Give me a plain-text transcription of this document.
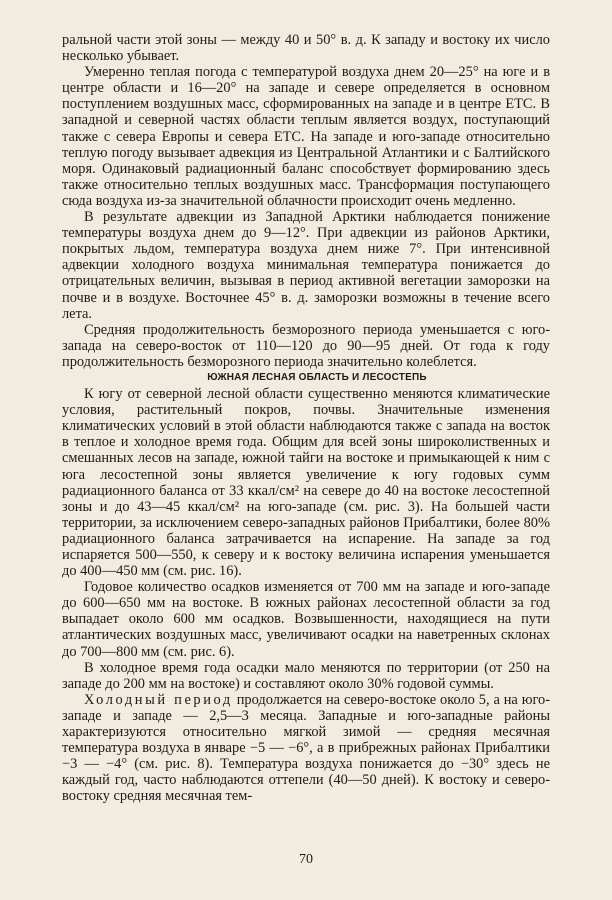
ральной части этой зоны — между 40 и 50° в. д. К западу и востоку их число несколько убывает.

Умеренно теплая погода с температурой воздуха днем 20—25° на юге и в центре области и 16—20° на западе и севере определяется в основном поступлением воздушных масс, сформированных на западе и в центре ЕТС. В западной и северной частях области теплым является воздух, поступающий также с севера Европы и севера ЕТС. На западе и юго-западе относительно теплую погоду вызывает адвекция из Центральной Атлантики и с Балтийского моря. Одинаковый радиационный баланс способствует формированию здесь также относительно теплых воздушных масс. Трансформация поступающего сюда воздуха из-за значительной облачности происходит очень медленно.

В результате адвекции из Западной Арктики наблюдается понижение температуры воздуха днем до 9—12°. При адвекции из районов Арктики, покрытых льдом, температура воздуха днем ниже 7°. При интенсивной адвекции холодного воздуха минимальная температура понижается до отрицательных величин, вызывая в период активной вегетации заморозки на почве и в воздухе. Восточнее 45° в. д. заморозки возможны в течение всего лета.

Средняя продолжительность безморозного периода уменьшается с юго-запада на северо-восток от 110—120 до 90—95 дней. От года к году продолжительность безморозного периода значительно колеблется.

ЮЖНАЯ ЛЕСНАЯ ОБЛАСТЬ И ЛЕСОСТЕПЬ

К югу от северной лесной области существенно меняются климатические условия, растительный покров, почвы. Значительные изменения климатических условий в этой области наблюдаются также с запада на восток в теплое и холодное время года. Общим для всей зоны широколиственных и смешанных лесов на западе, южной тайги на востоке и примыкающей к ним с юга лесостепной зоны является увеличение к югу годовых сумм радиационного баланса от 33 ккал/см² на севере до 40 на востоке лесостепной зоны и до 43—45 ккал/см² на юго-западе (см. рис. 3). На большей части территории, за исключением северо-западных районов Прибалтики, более 80% радиационного баланса затрачивается на испарение. На западе за год испаряется 500—550, к северу и к востоку величина испарения уменьшается до 400—450 мм (см. рис. 16).

Годовое количество осадков изменяется от 700 мм на западе и юго-западе до 600—650 мм на востоке. В южных районах лесостепной области за год выпадает около 600 мм осадков. Возвышенности, находящиеся на пути атлантических воздушных масс, увеличивают осадки на наветренных склонах до 700—800 мм (см. рис. 6).

В холодное время года осадки мало меняются по территории (от 250 на западе до 200 мм на востоке) и составляют около 30% годовой суммы.

Холодный период продолжается на северо-востоке около 5, а на юго-западе и западе — 2,5—3 месяца. Западные и юго-западные районы характеризуются относительно мягкой зимой — средняя месячная температура воздуха в январе −5 — −6°, а в прибрежных районах Прибалтики −3 — −4° (см. рис. 8). Температура воздуха понижается до −30° здесь не каждый год, часто наблюдаются оттепели (40—50 дней). К востоку и северо-востоку средняя месячная тем-

70
